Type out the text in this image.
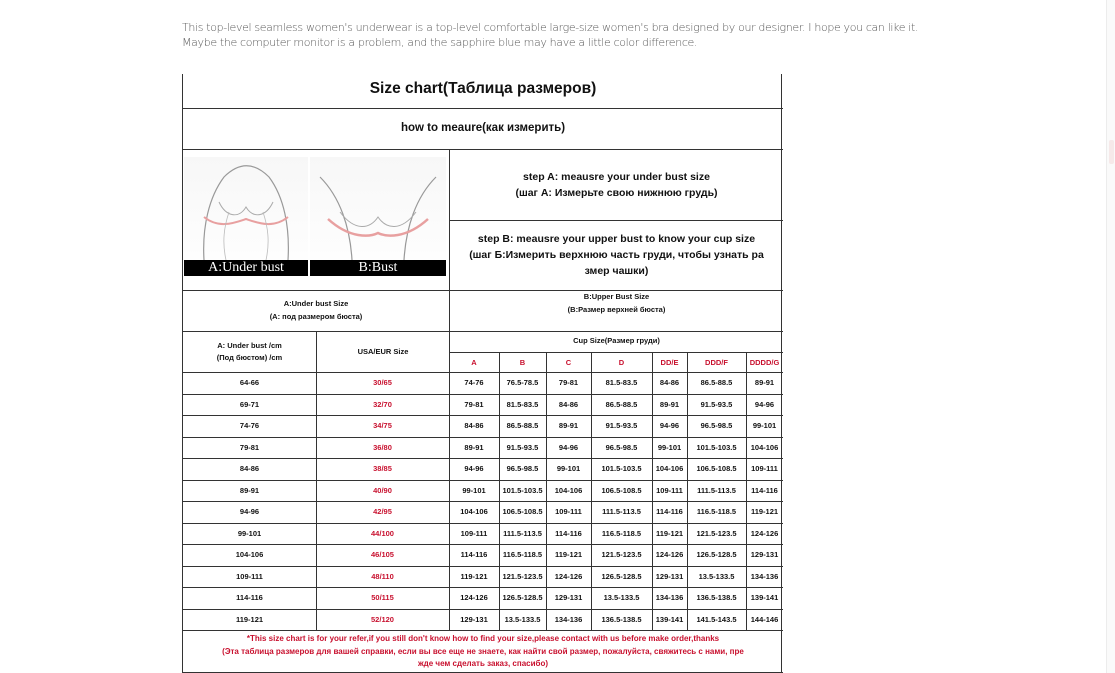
This top-level seamless women's underwear is a top-level comfortable large-size women's bra designed by our designer. I hope you can like it. Maybe the computer monitor is a problem, and the sapphire blue may have a little color difference.
Size chart(Таблица размеров)
how to meaure(как измерить)
A:Under bust	B:Bust
step A: meausre your under bust size
(шаг A: Измерьте свою нижнюю грудь)
step B: meausre your upper bust to know your cup size
(шаг Б:Измерить верхнюю часть груди, чтобы узнать ра
змер чашки)
A:Under bust Size
(A: под размером бюста)
B:Upper Bust Size
(B:Размер верхней бюста)
A: Under bust /cm
(Под бюстом) /cm
USA/EUR Size
Cup Size(Размер груди)
A	B	C	D	DD/E	DDD/F	DDDD/G
64-66	30/65	74-76	76.5-78.5	79-81	81.5-83.5	84-86	86.5-88.5	89-91
69-71	32/70	79-81	81.5-83.5	84-86	86.5-88.5	89-91	91.5-93.5	94-96
74-76	34/75	84-86	86.5-88.5	89-91	91.5-93.5	94-96	96.5-98.5	99-101
79-81	36/80	89-91	91.5-93.5	94-96	96.5-98.5	99-101	101.5-103.5	104-106
84-86	38/85	94-96	96.5-98.5	99-101	101.5-103.5	104-106	106.5-108.5	109-111
89-91	40/90	99-101	101.5-103.5	104-106	106.5-108.5	109-111	111.5-113.5	114-116
94-96	42/95	104-106	106.5-108.5	109-111	111.5-113.5	114-116	116.5-118.5	119-121
99-101	44/100	109-111	111.5-113.5	114-116	116.5-118.5	119-121	121.5-123.5	124-126
104-106	46/105	114-116	116.5-118.5	119-121	121.5-123.5	124-126	126.5-128.5	129-131
109-111	48/110	119-121	121.5-123.5	124-126	126.5-128.5	129-131	13.5-133.5	134-136
114-116	50/115	124-126	126.5-128.5	129-131	13.5-133.5	134-136	136.5-138.5	139-141
119-121	52/120	129-131	13.5-133.5	134-136	136.5-138.5	139-141	141.5-143.5	144-146
*This size chart is for your refer,if you still don't know how to find your size,please contact with us before make order,thanks
(Эта таблица размеров для вашей справки, если вы все еще не знаете, как найти свой размер, пожалуйста, свяжитесь с нами, пре
жде чем сделать заказ, спасибо)
